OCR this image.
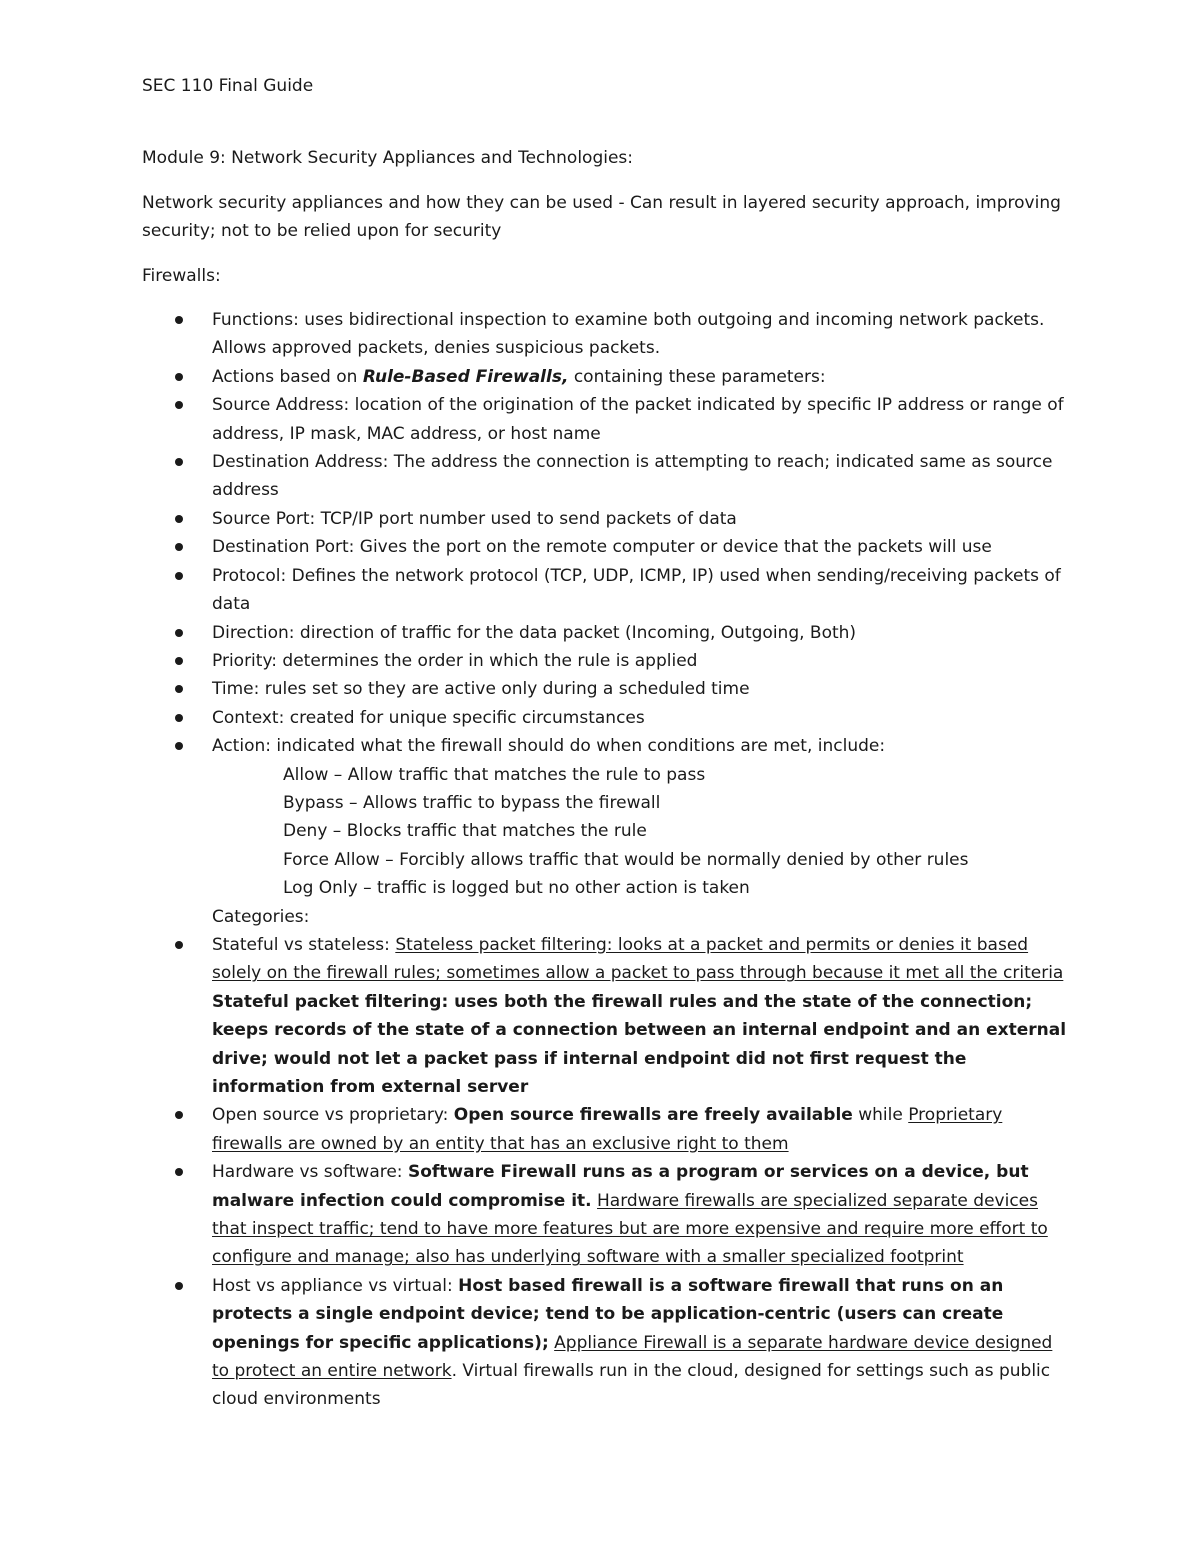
SEC 110 Final Guide

Module 9: Network Security Appliances and Technologies:

Network security appliances and how they can be used - Can result in layered security approach, improving security; not to be relied upon for security

Firewalls:

Functions: uses bidirectional inspection to examine both outgoing and incoming network packets. Allows approved packets, denies suspicious packets.
Actions based on Rule-Based Firewalls, containing these parameters:
Source Address: location of the origination of the packet indicated by specific IP address or range of address, IP mask, MAC address, or host name
Destination Address: The address the connection is attempting to reach; indicated same as source address
Source Port: TCP/IP port number used to send packets of data
Destination Port: Gives the port on the remote computer or device that the packets will use
Protocol: Defines the network protocol (TCP, UDP, ICMP, IP) used when sending/receiving packets of data
Direction: direction of traffic for the data packet (Incoming, Outgoing, Both)
Priority: determines the order in which the rule is applied
Time: rules set so they are active only during a scheduled time
Context: created for unique specific circumstances
Action: indicated what the firewall should do when conditions are met, include:

Allow – Allow traffic that matches the rule to pass

Bypass – Allows traffic to bypass the firewall

Deny – Blocks traffic that matches the rule

Force Allow – Forcibly allows traffic that would be normally denied by other rules

Log Only – traffic is logged but no other action is taken

Categories:

Stateful vs stateless: Stateless packet filtering: looks at a packet and permits or denies it based solely on the firewall rules; sometimes allow a packet to pass through because it met all the criteria Stateful packet filtering: uses both the firewall rules and the state of the connection; keeps records of the state of a connection between an internal endpoint and an external drive; would not let a packet pass if internal endpoint did not first request the information from external server
Open source vs proprietary: Open source firewalls are freely available while Proprietary firewalls are owned by an entity that has an exclusive right to them
Hardware vs software: Software Firewall runs as a program or services on a device, but malware infection could compromise it. Hardware firewalls are specialized separate devices that inspect traffic; tend to have more features but are more expensive and require more effort to configure and manage; also has underlying software with a smaller specialized footprint
Host vs appliance vs virtual: Host based firewall is a software firewall that runs on an protects a single endpoint device; tend to be application-centric (users can create openings for specific applications); Appliance Firewall is a separate hardware device designed to protect an entire network. Virtual firewalls run in the cloud, designed for settings such as public cloud environments
